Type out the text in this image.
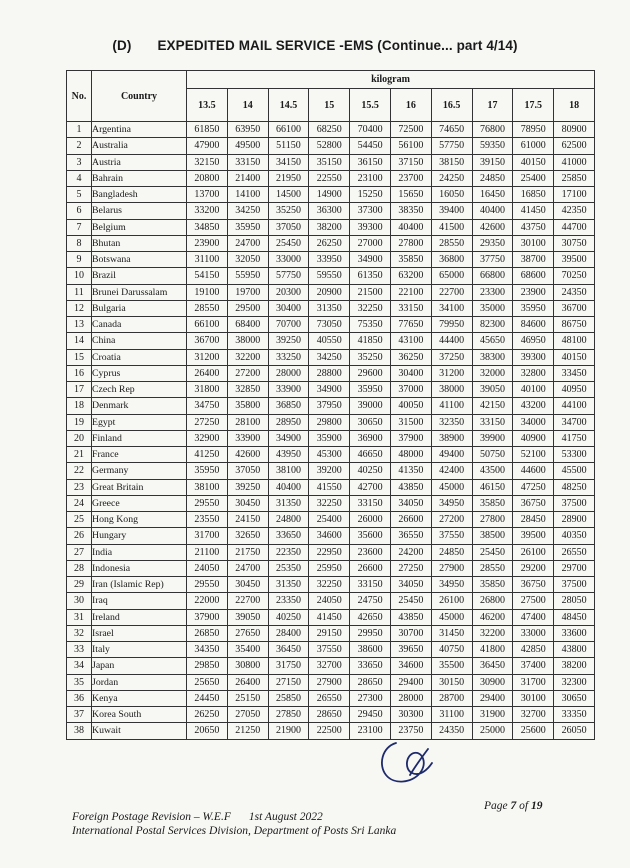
(D) EXPEDITED MAIL SERVICE -EMS (Continue... part 4/14)
No.	Country	kilogram									
		13.5	14	14.5	15	15.5	16	16.5	17	17.5	18
1	Argentina	61850	63950	66100	68250	70400	72500	74650	76800	78950	80900
2	Australia	47900	49500	51150	52800	54450	56100	57750	59350	61000	62500
3	Austria	32150	33150	34150	35150	36150	37150	38150	39150	40150	41000
4	Bahrain	20800	21400	21950	22550	23100	23700	24250	24850	25400	25850
5	Bangladesh	13700	14100	14500	14900	15250	15650	16050	16450	16850	17100
6	Belarus	33200	34250	35250	36300	37300	38350	39400	40400	41450	42350
7	Belgium	34850	35950	37050	38200	39300	40400	41500	42600	43750	44700
8	Bhutan	23900	24700	25450	26250	27000	27800	28550	29350	30100	30750
9	Botswana	31100	32050	33000	33950	34900	35850	36800	37750	38700	39500
10	Brazil	54150	55950	57750	59550	61350	63200	65000	66800	68600	70250
11	Brunei Darussalam	19100	19700	20300	20900	21500	22100	22700	23300	23900	24350
12	Bulgaria	28550	29500	30400	31350	32250	33150	34100	35000	35950	36700
13	Canada	66100	68400	70700	73050	75350	77650	79950	82300	84600	86750
14	China	36700	38000	39250	40550	41850	43100	44400	45650	46950	48100
15	Croatia	31200	32200	33250	34250	35250	36250	37250	38300	39300	40150
16	Cyprus	26400	27200	28000	28800	29600	30400	31200	32000	32800	33450
17	Czech Rep	31800	32850	33900	34900	35950	37000	38000	39050	40100	40950
18	Denmark	34750	35800	36850	37950	39000	40050	41100	42150	43200	44100
19	Egypt	27250	28100	28950	29800	30650	31500	32350	33150	34000	34700
20	Finland	32900	33900	34900	35900	36900	37900	38900	39900	40900	41750
21	France	41250	42600	43950	45300	46650	48000	49400	50750	52100	53300
22	Germany	35950	37050	38100	39200	40250	41350	42400	43500	44600	45500
23	Great Britain	38100	39250	40400	41550	42700	43850	45000	46150	47250	48250
24	Greece	29550	30450	31350	32250	33150	34050	34950	35850	36750	37500
25	Hong Kong	23550	24150	24800	25400	26000	26600	27200	27800	28450	28900
26	Hungary	31700	32650	33650	34600	35600	36550	37550	38500	39500	40350
27	India	21100	21750	22350	22950	23600	24200	24850	25450	26100	26550
28	Indonesia	24050	24700	25350	25950	26600	27250	27900	28550	29200	29700
29	Iran (Islamic Rep)	29550	30450	31350	32250	33150	34050	34950	35850	36750	37500
30	Iraq	22000	22700	23350	24050	24750	25450	26100	26800	27500	28050
31	Ireland	37900	39050	40250	41450	42650	43850	45000	46200	47400	48450
32	Israel	26850	27650	28400	29150	29950	30700	31450	32200	33000	33600
33	Italy	34350	35400	36450	37550	38600	39650	40750	41800	42850	43800
34	Japan	29850	30800	31750	32700	33650	34600	35500	36450	37400	38200
35	Jordan	25650	26400	27150	27900	28650	29400	30150	30900	31700	32300
36	Kenya	24450	25150	25850	26550	27300	28000	28700	29400	30100	30650
37	Korea South	26250	27050	27850	28650	29450	30300	31100	31900	32700	33350
38	Kuwait	20650	21250	21900	22500	23100	23750	24350	25000	25600	26050
Page 7 of 19
Foreign Postage Revision – W.E.F 1st August 2022
International Postal Services Division, Department of Posts Sri Lanka
